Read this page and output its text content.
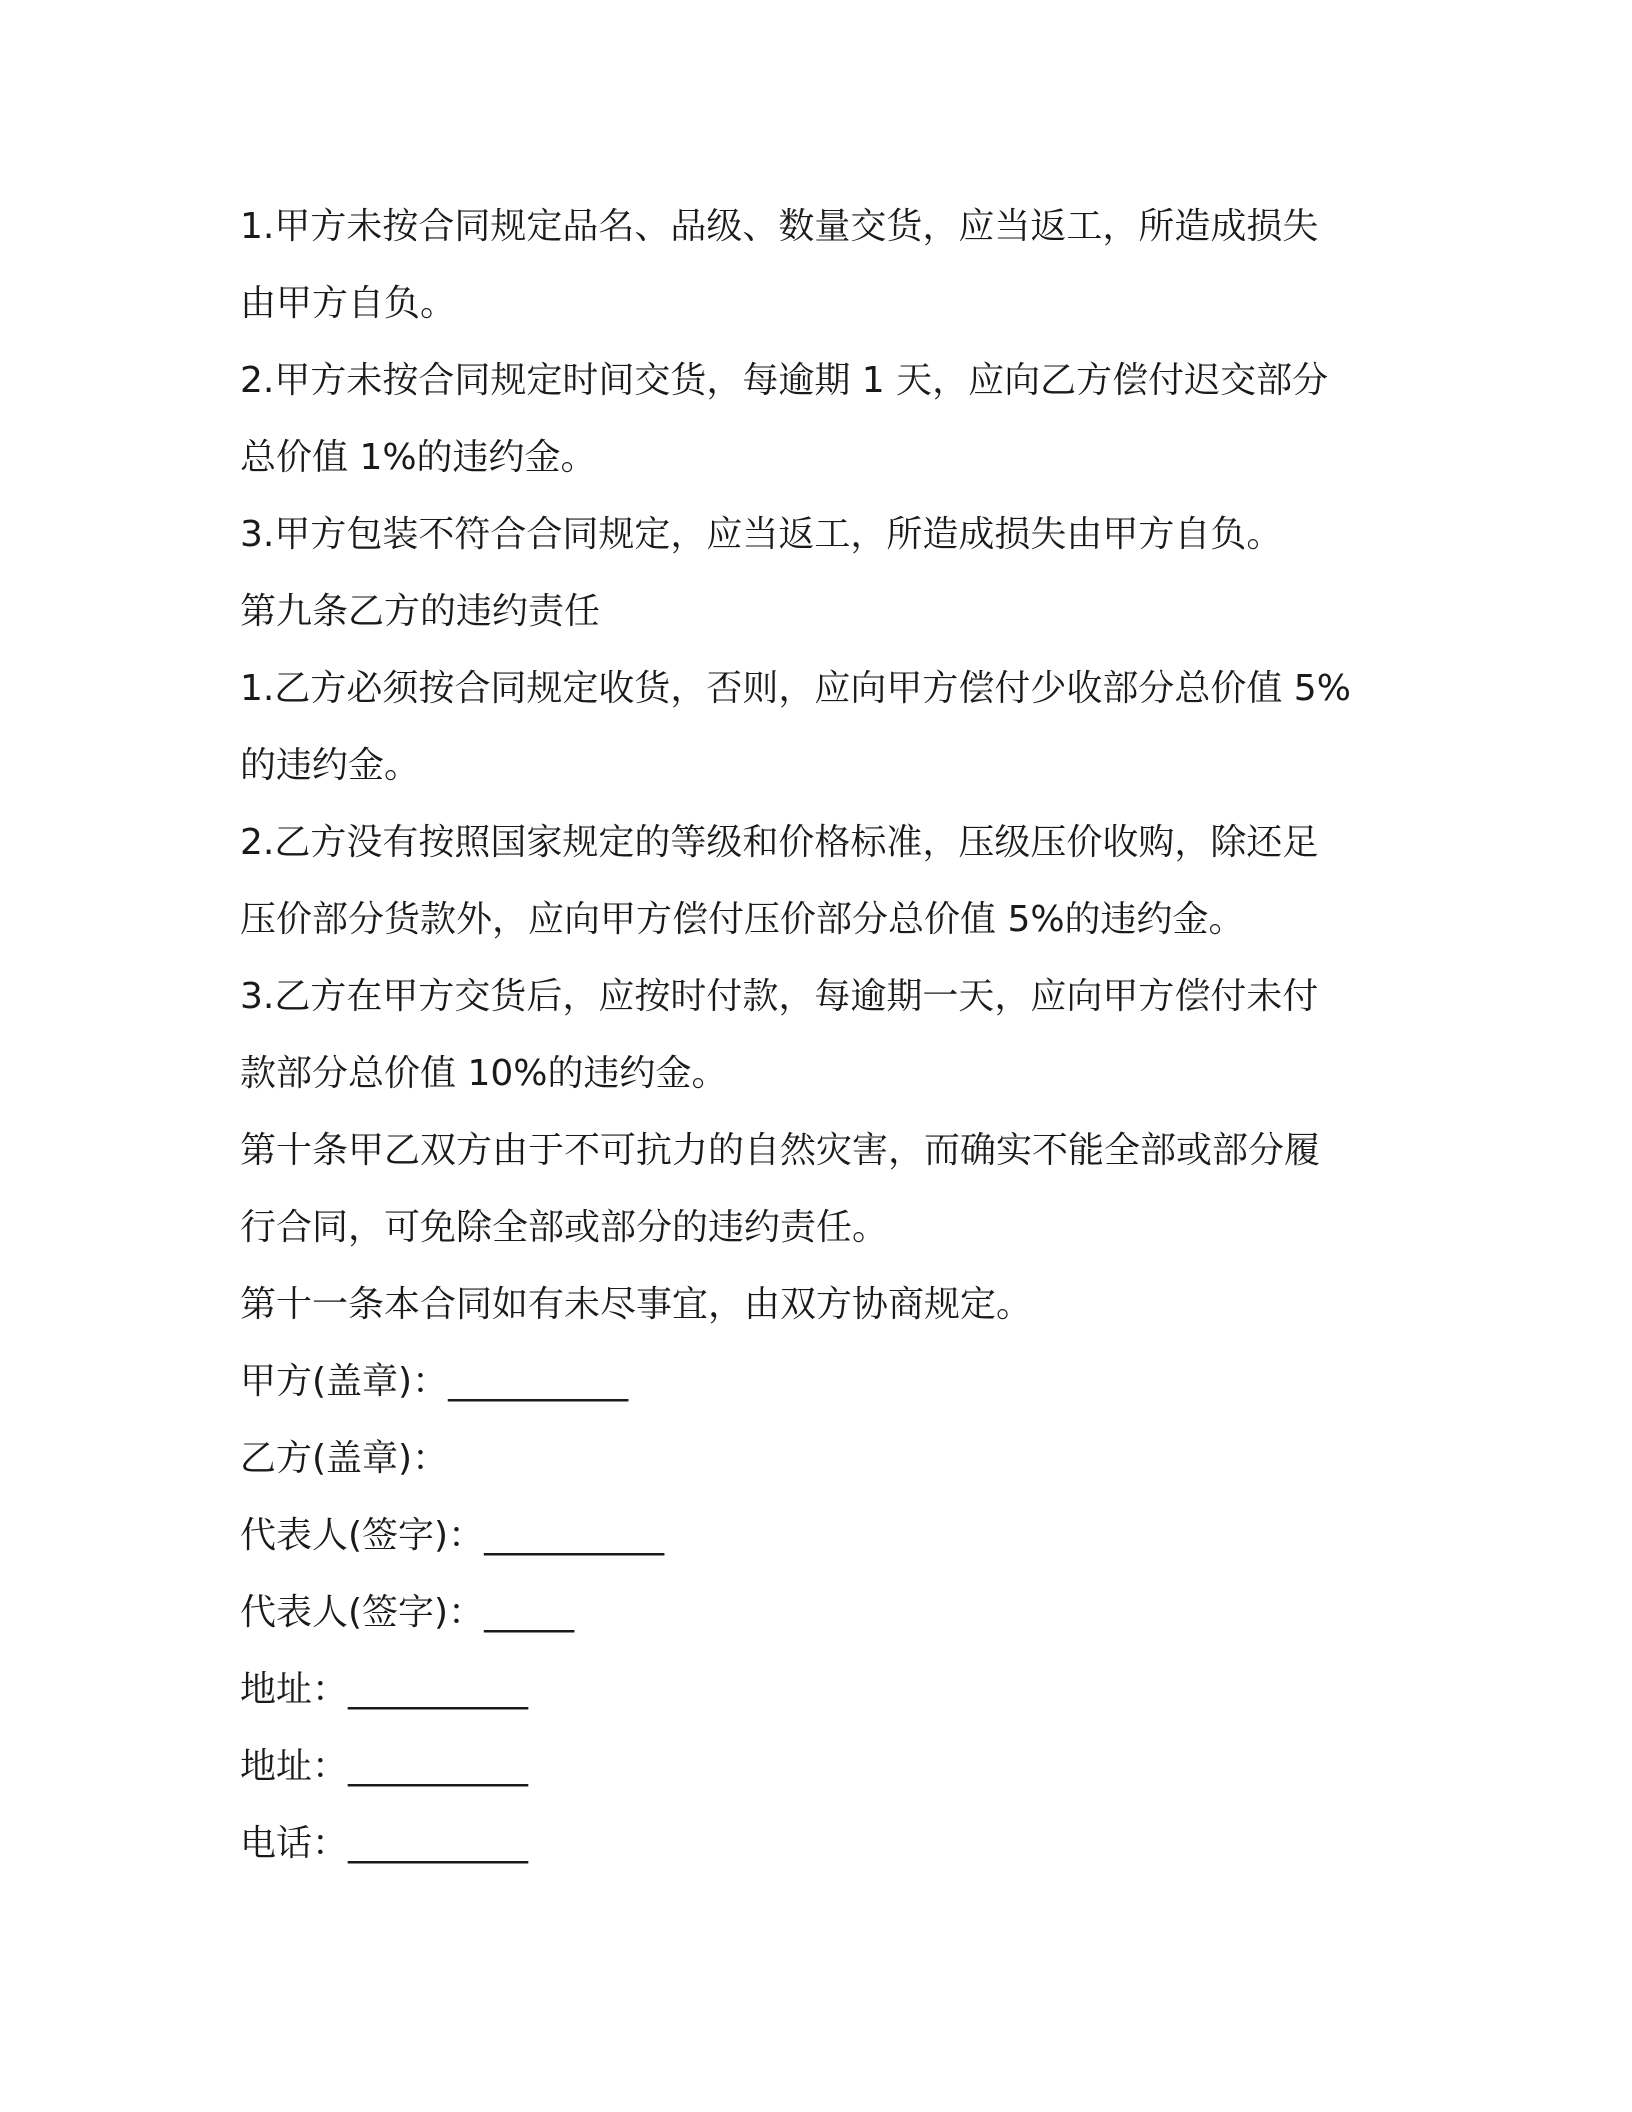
1.甲方未按合同规定品名、品级、数量交货，应当返工，所造成损失
由甲方自负。
2.甲方未按合同规定时间交货，每逾期 1 天，应向乙方偿付迟交部分
总价值 1%的违约金。
3.甲方包装不符合合同规定，应当返工，所造成损失由甲方自负。
第九条乙方的违约责任
1.乙方必须按合同规定收货，否则，应向甲方偿付少收部分总价值 5%
的违约金。
2.乙方没有按照国家规定的等级和价格标准，压级压价收购，除还足
压价部分货款外，应向甲方偿付压价部分总价值 5%的违约金。
3.乙方在甲方交货后，应按时付款，每逾期一天，应向甲方偿付未付
款部分总价值 10%的违约金。
第十条甲乙双方由于不可抗力的自然灾害，而确实不能全部或部分履
行合同，可免除全部或部分的违约责任。
第十一条本合同如有未尽事宜，由双方协商规定。
甲方(盖章)：__________
乙方(盖章)：
代表人(签字)：__________
代表人(签字)：_____
地址：__________
地址：__________
电话：__________
